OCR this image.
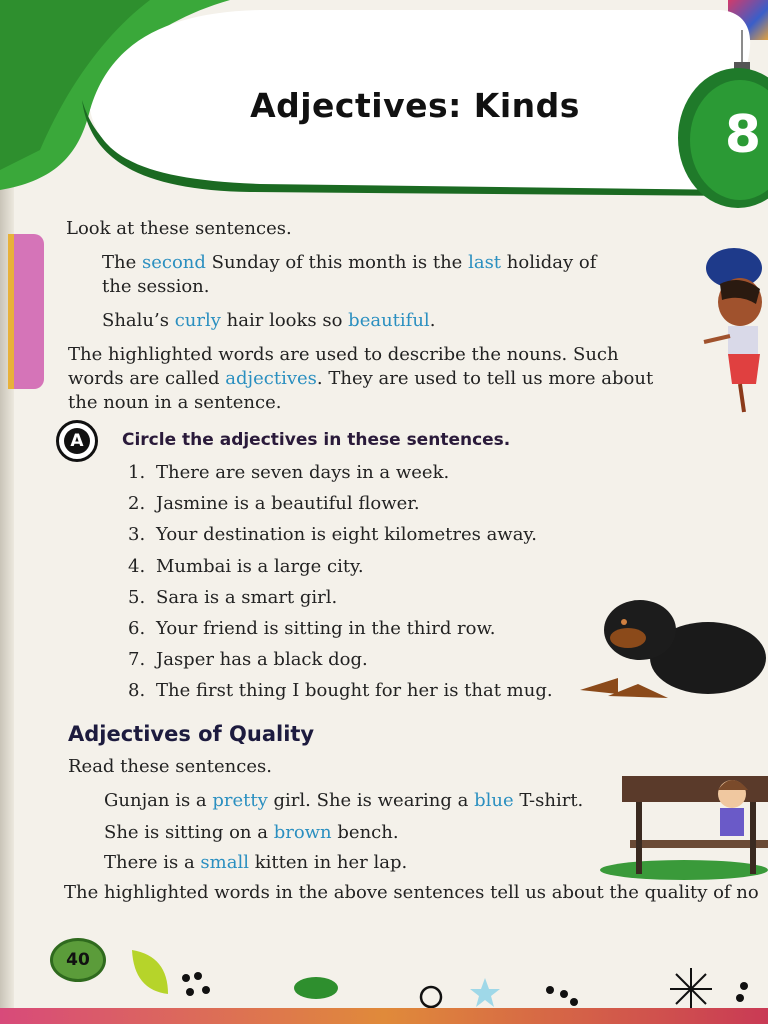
Adjectives: Kinds	8
Look at these sentences.
The second Sunday of this month is the last holiday of
the session.
Shalu’s curly hair looks so beautiful.
The highlighted words are used to describe the nouns. Such
words are called adjectives. They are used to tell us more about
the noun in a sentence.
A	Circle the adjectives in these sentences.
1. There are seven days in a week.
2. Jasmine is a beautiful flower.
3. Your destination is eight kilometres away.
4. Mumbai is a large city.
5. Sara is a smart girl.
6. Your friend is sitting in the third row.
7. Jasper has a black dog.
8. The first thing I bought for her is that mug.
Adjectives of Quality
Read these sentences.
Gunjan is a pretty girl. She is wearing a blue T-shirt.
She is sitting on a brown bench.
There is a small kitten in her lap.
The highlighted words in the above sentences tell us about the quality of no
40
